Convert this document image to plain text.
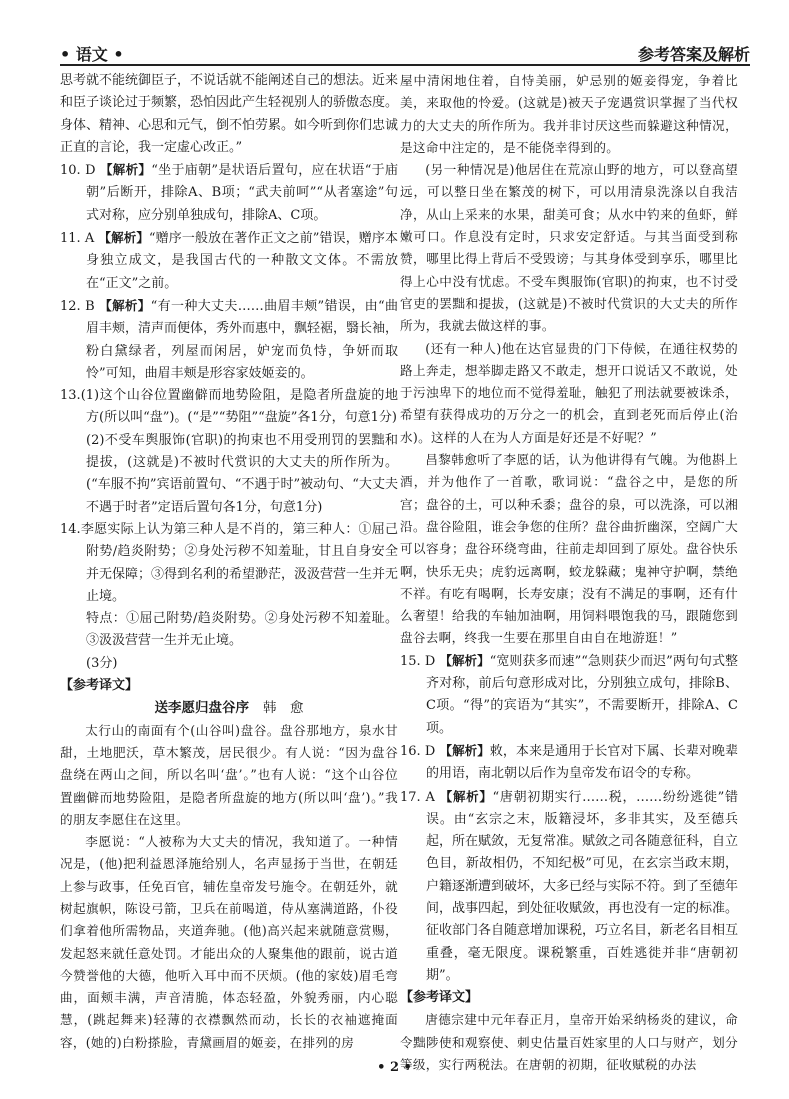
• 语文 •	参考答案及解析

思考就不能统御臣子，不说话就不能阐述自己的想法。近来和臣子谈论过于频繁，恐怕因此产生轻视别人的骄傲态度。身体、精神、心思和元气，倒不怕劳累。如今听到你们忠诚正直的言论，我一定虚心改正。”

10. D 【解析】“坐于庙朝”是状语后置句，应在状语“于庙朝”后断开，排除A、B项；“武夫前呵”“从者塞途”句式对称，应分别单独成句，排除A、C项。

11. A 【解析】“赠序一般放在著作正文之前”错误，赠序本身独立成文，是我国古代的一种散文文体。不需放在“正文”之前。

12. B 【解析】“有一种大丈夫……曲眉丰颊”错误，由“曲眉丰颊，清声而便体，秀外而惠中，飘轻裾，翳长袖，粉白黛绿者，列屋而闲居，妒宠而负恃，争妍而取怜”可知，曲眉丰颊是形容家妓姬妾的。

13.(1)这个山谷位置幽僻而地势险阻，是隐者所盘旋的地方(所以叫“盘”)。(“是”“势阻”“盘旋”各1分，句意1分)

(2)不受车舆服饰(官职)的拘束也不用受刑罚的罢黜和提拔，(这就是)不被时代赏识的大丈夫的所作所为。(“车服不拘”宾语前置句、“不遇于时”被动句、“大丈夫不遇于时者”定语后置句各1分，句意1分)

14.李愿实际上认为第三种人是不肖的，第三种人：①屈己附势/趋炎附势；②身处污秽不知羞耻，甘且自身安全并无保障；③得到名利的希望渺茫，汲汲营营一生并无止境。

特点：①屈己附势/趋炎附势。②身处污秽不知羞耻。③汲汲营营一生并无止境。

(3分)

【参考译文】

送李愿归盘谷序 韩　愈

太行山的南面有个(山谷叫)盘谷。盘谷那地方，泉水甘甜，土地肥沃，草木繁茂，居民很少。有人说：“因为盘谷盘绕在两山之间，所以名叫‘盘’。”也有人说：“这个山谷位置幽僻而地势险阻，是隐者所盘旋的地方(所以叫‘盘’)。”我的朋友李愿住在这里。

李愿说：“人被称为大丈夫的情况，我知道了。一种情况是，(他)把利益恩泽施给别人，名声显扬于当世，在朝廷上参与政事，任免百官，辅佐皇帝发号施令。在朝廷外，就树起旗帜，陈设弓箭，卫兵在前喝道，侍从塞满道路，仆役们拿着他所需物品，夹道奔驰。(他)高兴起来就随意赏赐，发起怒来就任意处罚。才能出众的人聚集他的跟前，说古道今赞誉他的大德，他听入耳中而不厌烦。(他的家妓)眉毛弯曲，面颊丰满，声音清脆，体态轻盈，外貌秀丽，内心聪慧，(跳起舞来)轻薄的衣襟飘然而动，长长的衣袖遮掩面容，(她的)白粉搽脸，青黛画眉的姬妾，在排列的房

屋中清闲地住着，自恃美丽，妒忌别的姬妾得宠，争着比美，来取他的怜爱。(这就是)被天子宠遇赏识掌握了当代权力的大丈夫的所作所为。我并非讨厌这些而躲避这种情况，是这命中注定的，是不能侥幸得到的。

(另一种情况是)他居住在荒凉山野的地方，可以登高望远，可以整日坐在繁茂的树下，可以用清泉洗涤以自我洁净，从山上采来的水果，甜美可食；从水中钓来的鱼虾，鲜嫩可口。作息没有定时，只求安定舒适。与其当面受到称赞，哪里比得上背后不受毁谤；与其身体受到享乐，哪里比得上心中没有忧虑。不受车舆服饰(官职)的拘束，也不讨受官吏的罢黜和提拔，(这就是)不被时代赏识的大丈夫的所作所为，我就去做这样的事。

(还有一种人)他在达官显贵的门下侍候，在通往权势的路上奔走，想举脚走路又不敢走，想开口说话又不敢说，处于污浊卑下的地位而不觉得羞耻，触犯了刑法就要被诛杀，希望有获得成功的万分之一的机会，直到老死而后停止(治水)。这样的人在为人方面是好还是不好呢？”

昌黎韩愈听了李愿的话，认为他讲得有气魄。为他斟上酒，并为他作了一首歌，歌词说：“盘谷之中，是您的所宫；盘谷的土，可以种禾黍；盘谷的泉，可以洗涤，可以湘沿。盘谷险阻，谁会争您的住所？盘谷曲折幽深，空阔广大可以容身；盘谷环绕弯曲，往前走却回到了原处。盘谷快乐啊，快乐无央；虎豹远离啊，蛟龙躲藏；鬼神守护啊，禁绝不祥。有吃有喝啊，长寿安康；没有不满足的事啊，还有什么奢望！给我的车轴加油啊，用饲料喂饱我的马，跟随您到盘谷去啊，终我一生要在那里自由自在地游逛！”

15. D 【解析】“宽则获多而速”“急则获少而迟”两句句式整齐对称，前后句意形成对比，分别独立成句，排除B、C项。“得”的宾语为“其实”，不需要断开，排除A、C项。

16. D 【解析】敕，本来是通用于长官对下属、长辈对晚辈的用语，南北朝以后作为皇帝发布诏令的专称。

17. A 【解析】“唐朝初期实行……税，……纷纷逃徙”错误。由“玄宗之末，版籍浸坏，多非其实，及至德兵起，所在赋敛，无复常准。赋敛之司各随意征科，自立色目，新故相仍，不知纪极”可见，在玄宗当政末期，户籍逐渐遭到破坏，大多已经与实际不符。到了至德年间，战事四起，到处征收赋敛，再也没有一定的标准。征收部门各自随意增加课税，巧立名目，新老名目相互重叠，毫无限度。课税繁重，百姓逃徙并非“唐朝初期”。

【参考译文】

唐德宗建中元年春正月，皇帝开始采纳杨炎的建议，命令黜陟使和观察使、刺史估量百姓家里的人口与财产，划分等级，实行两税法。在唐朝的初期，征收赋税的办法

• 2 •
